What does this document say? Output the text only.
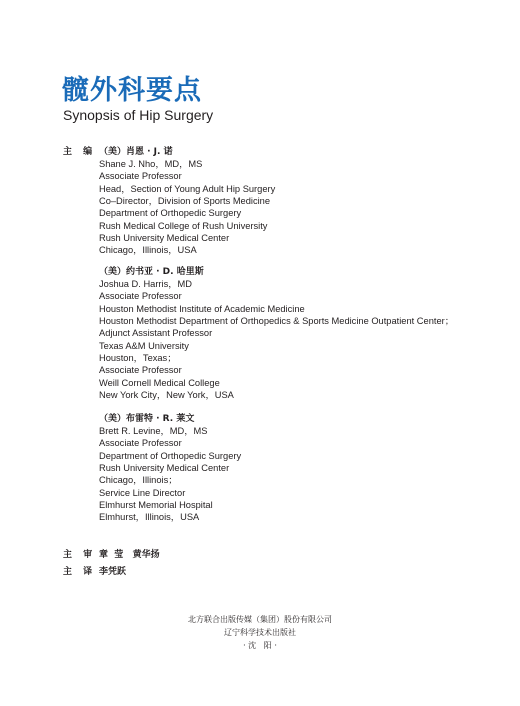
髋外科要点
Synopsis of Hip Surgery
主 编 （美）肖恩 · J. 诺
Shane J. Nho，MD，MS
Associate Professor
Head，Section of Young Adult Hip Surgery
Co–Director，Division of Sports Medicine
Department of Orthopedic Surgery
Rush Medical College of Rush University
Rush University Medical Center
Chicago，Illinois，USA
（美）约书亚 · D. 哈里斯
Joshua D. Harris，MD
Associate Professor
Houston Methodist Institute of Academic Medicine
Houston Methodist Department of Orthopedics & Sports Medicine Outpatient Center；
Adjunct Assistant Professor
Texas A&M University
Houston，Texas；
Associate Professor
Weill Cornell Medical College
New York City，New York，USA
（美）布雷特 · R. 莱文
Brett R. Levine，MD，MS
Associate Professor
Department of Orthopedic Surgery
Rush University Medical Center
Chicago，Illinois；
Service Line Director
Elmhurst Memorial Hospital
Elmhurst，Illinois，USA
主 审 章  莹   黄华扬
主 译 李凭跃
北方联合出版传媒（集团）股份有限公司
辽宁科学技术出版社
· 沈   阳 ·
